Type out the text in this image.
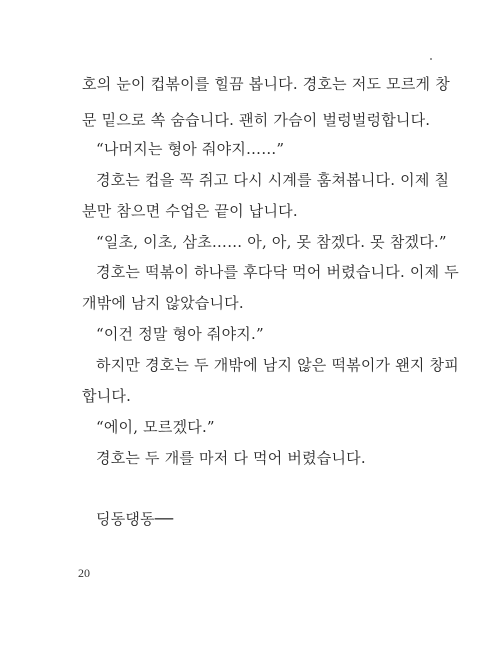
호의 눈이 컵볶이를 힐끔 봅니다. 경호는 저도 모르게 창
문 밑으로 쏙 숨습니다. 괜히 가슴이 벌렁벌렁합니다.
“나머지는 형아 줘야지……”
경호는 컵을 꼭 쥐고 다시 시계를 훔쳐봅니다. 이제 칠
분만 참으면 수업은 끝이 납니다.
“일초, 이초, 삼초…… 아, 아, 못 참겠다. 못 참겠다.”
경호는 떡볶이 하나를 후다닥 먹어 버렸습니다. 이제 두
개밖에 남지 않았습니다.
“이건 정말 형아 줘야지.”
하지만 경호는 두 개밖에 남지 않은 떡볶이가 왠지 창피
합니다.
“에이, 모르겠다.”
경호는 두 개를 마저 다 먹어 버렸습니다.
딩동댕동──
20
